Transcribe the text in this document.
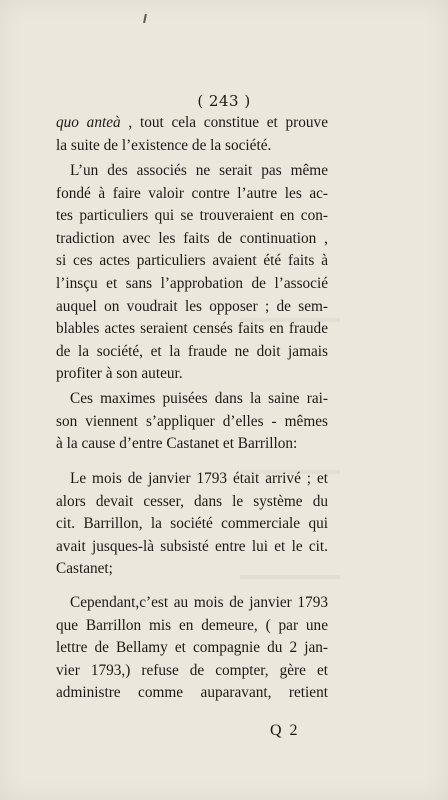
( 243 )
quo anteà , tout cela constitue et prouve
la suite de l’existence de la société.
L’un des associés ne serait pas même
fondé à faire valoir contre l’autre les ac-
tes particuliers qui se trouveraient en con-
tradiction avec les faits de continuation ,
si ces actes particuliers avaient été faits à
l’insçu et sans l’approbation de l’associé
auquel on voudrait les opposer ; de sem-
blables actes seraient censés faits en fraude
de la société, et la fraude ne doit jamais
profiter à son auteur.
Ces maximes puisées dans la saine rai-
son viennent s’appliquer d’elles - mêmes
à la cause d’entre Castanet et Barrillon:
Le mois de janvier 1793 était arrivé ; et
alors devait cesser, dans le système du
cit. Barrillon, la société commerciale qui
avait jusques-là subsisté entre lui et le cit.
Castanet;
Cependant,c’est au mois de janvier 1793
que Barrillon mis en demeure, ( par une
lettre de Bellamy et compagnie du 2 jan-
vier 1793,) refuse de compter, gère et
administre comme auparavant, retient
Q 2
